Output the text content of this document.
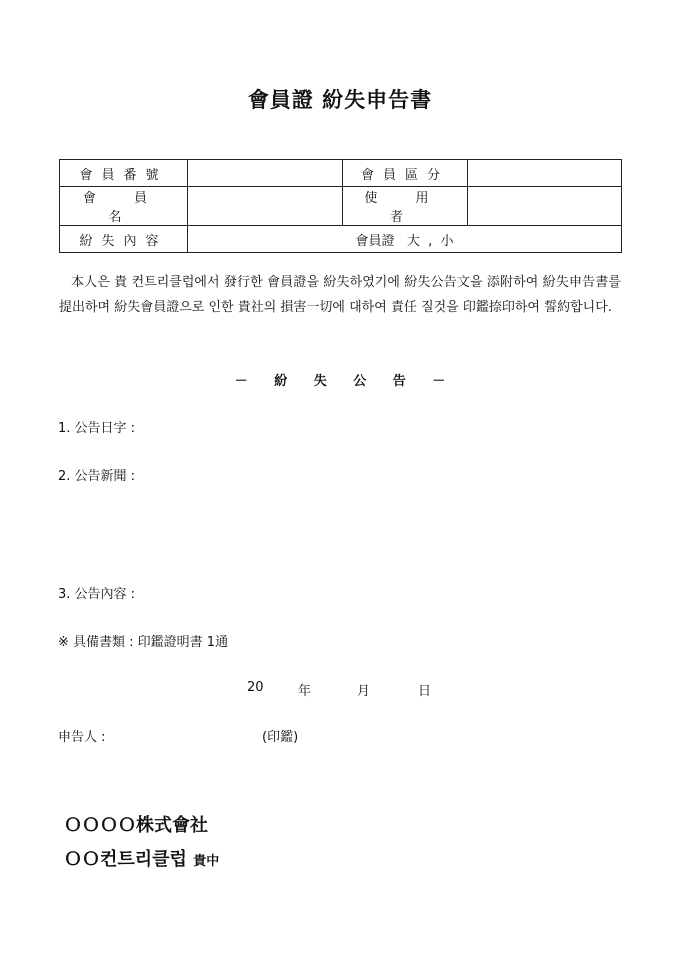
會員證 紛失申告書
會員番號		會員區分	
會 員 名		使 用 者	
紛失內容	會員證   大  ,  小		
本人은 貴 컨트리클럽에서 發行한 會員證을 紛失하였기에 紛失公告文을 添附하여 紛失申告書를 提出하며 紛失會員證으로 인한 貴社의 損害一切에 대하여 責任 질것을 印鑑捺印하여 誓約합니다.
－ 紛 失 公 告 －
1. 公告日字 :
2. 公告新聞 :
3. 公告內容 :
※ 具備書類 : 印鑑證明書 1通
20	年	月	日
申告人 :	(印鑑)
ＯＯＯＯ株式會社
ＯＯ컨트리클럽 貴中
